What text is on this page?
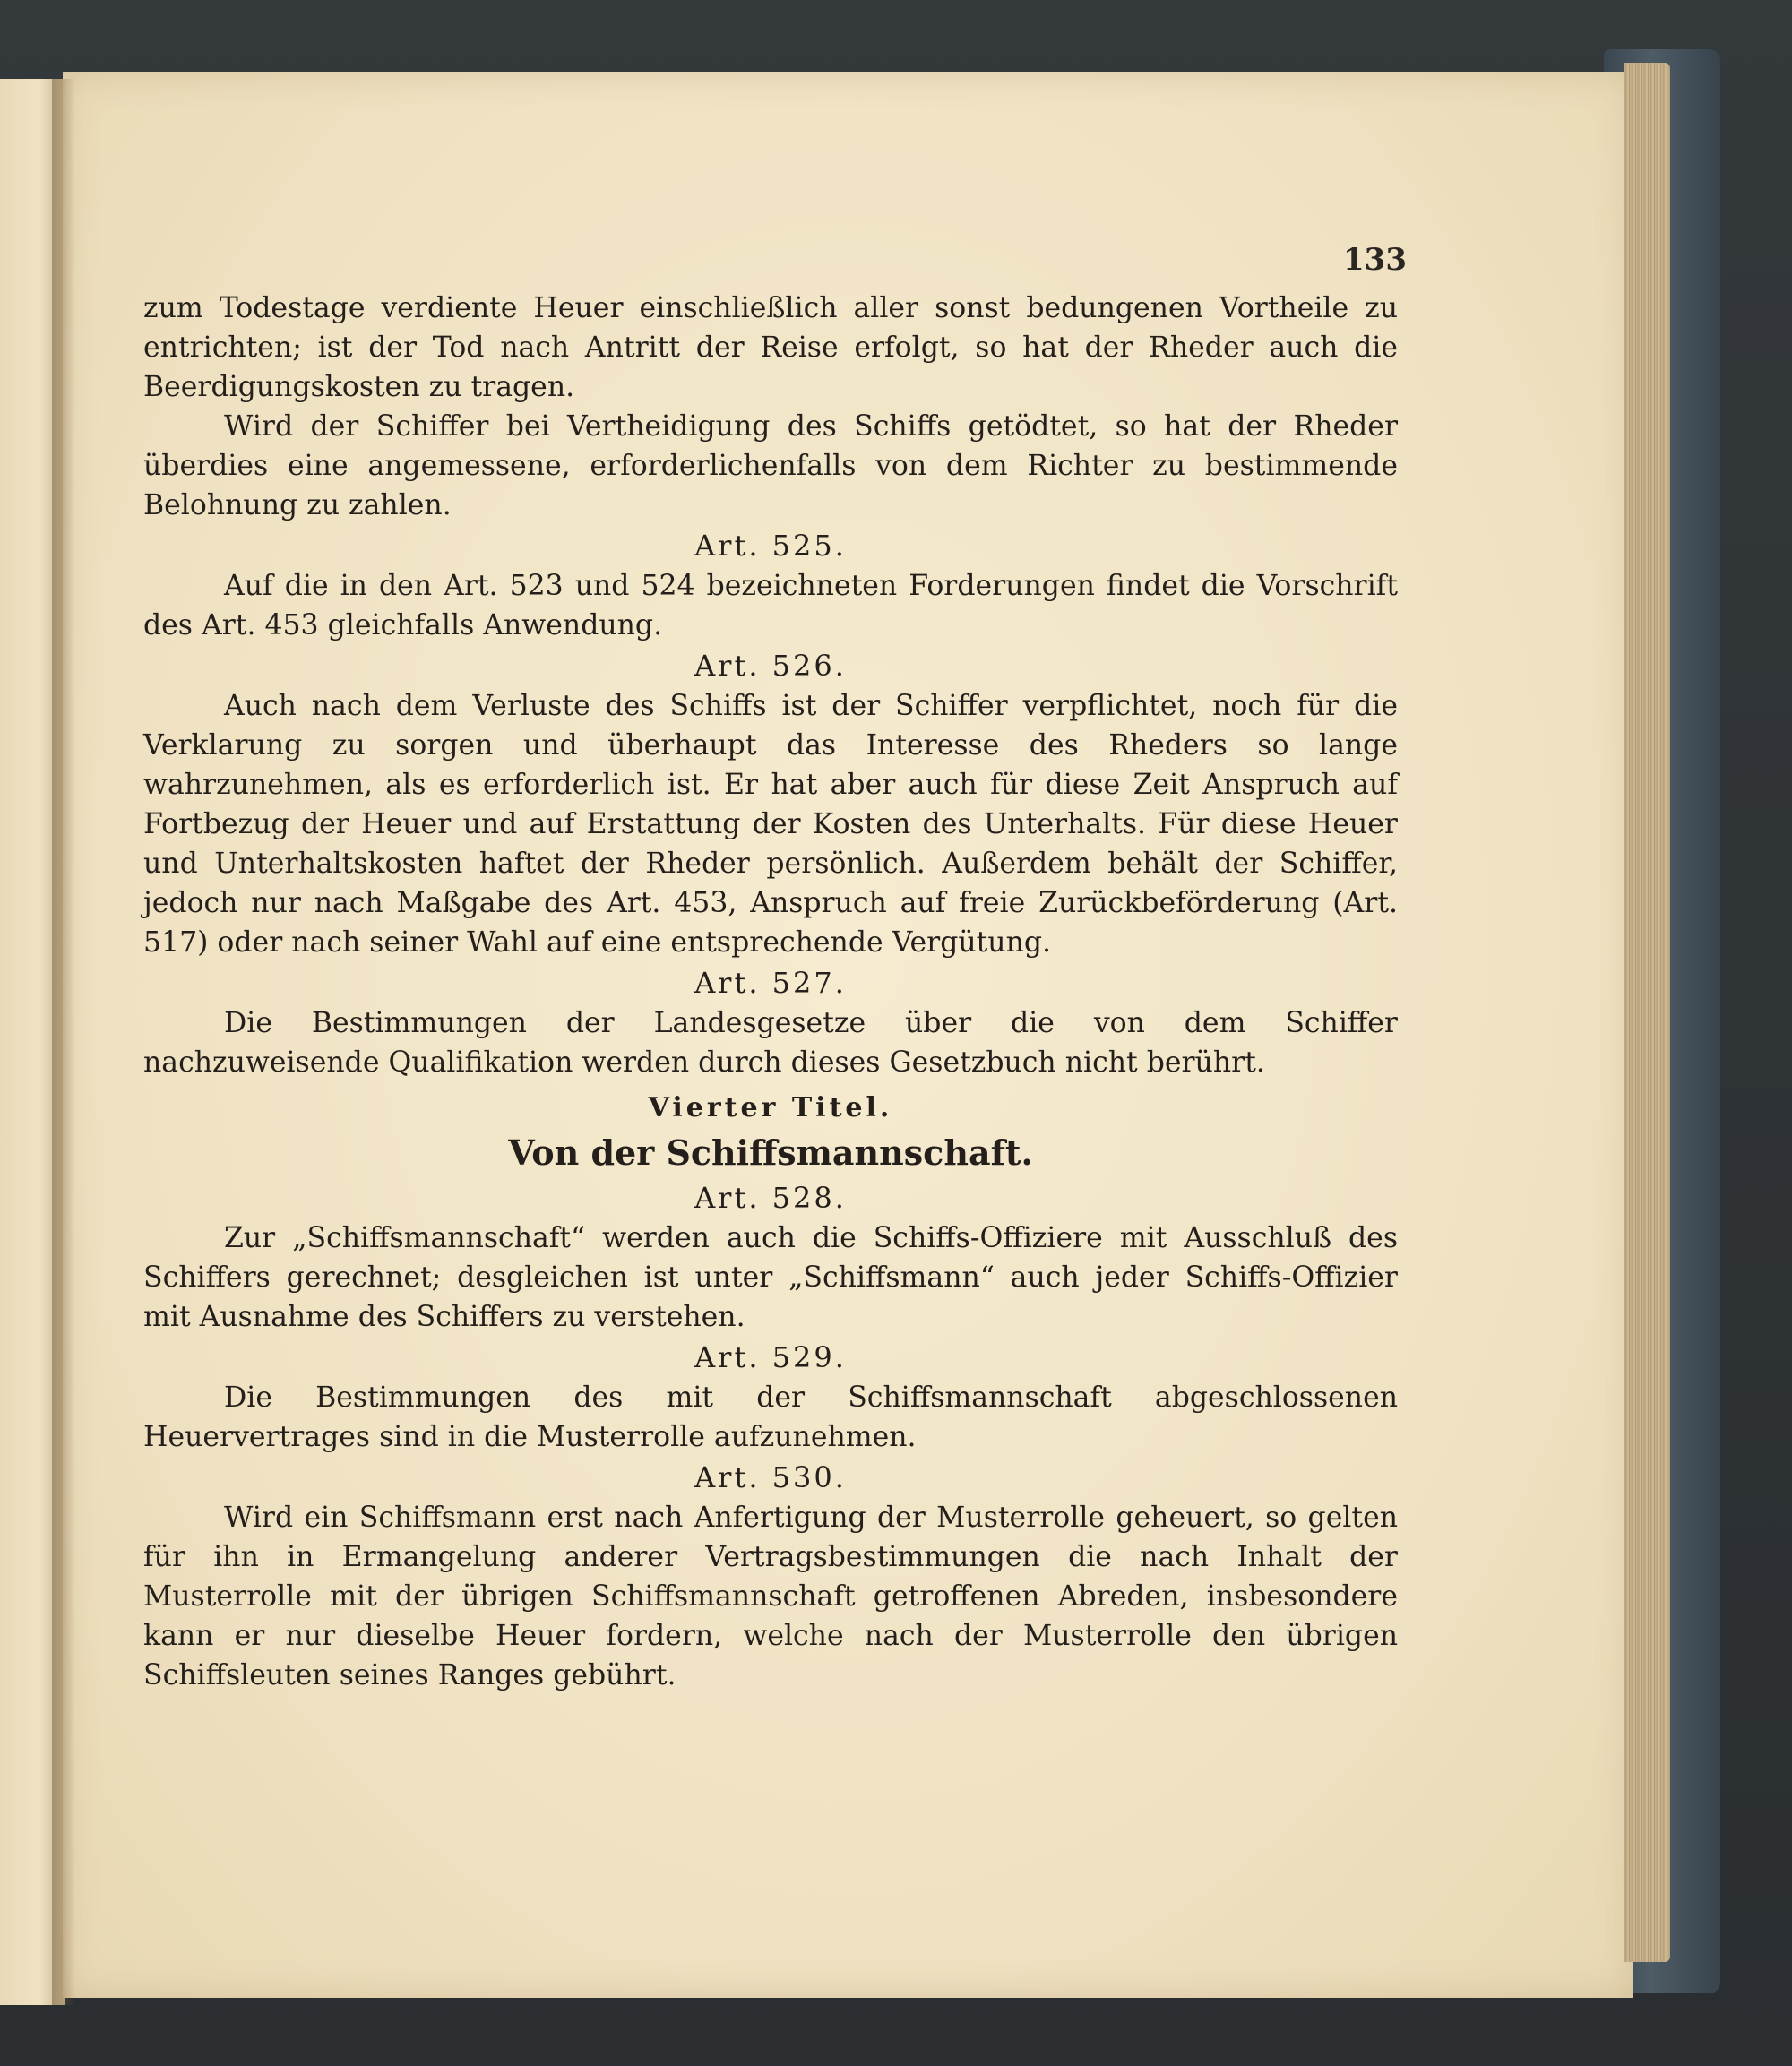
133

zum Todestage verdiente Heuer einschließlich aller sonst bedungenen Vortheile zu entrichten; ist der Tod nach Antritt der Reise erfolgt, so hat der Rheder auch die Beerdigungskosten zu tragen.

Wird der Schiffer bei Vertheidigung des Schiffs getödtet, so hat der Rheder überdies eine angemessene, erforderlichenfalls von dem Richter zu bestimmende Belohnung zu zahlen.

Art. 525.

Auf die in den Art. 523 und 524 bezeichneten Forderungen findet die Vorschrift des Art. 453 gleichfalls Anwendung.

Art. 526.

Auch nach dem Verluste des Schiffs ist der Schiffer verpflichtet, noch für die Verklarung zu sorgen und überhaupt das Interesse des Rheders so lange wahrzunehmen, als es erforderlich ist. Er hat aber auch für diese Zeit Anspruch auf Fortbezug der Heuer und auf Erstattung der Kosten des Unterhalts. Für diese Heuer und Unterhaltskosten haftet der Rheder persönlich. Außerdem behält der Schiffer, jedoch nur nach Maßgabe des Art. 453, Anspruch auf freie Zurückbeförderung (Art. 517) oder nach seiner Wahl auf eine entsprechende Vergütung.

Art. 527.

Die Bestimmungen der Landesgesetze über die von dem Schiffer nachzuweisende Qualifikation werden durch dieses Gesetzbuch nicht berührt.

Vierter Titel.

Von der Schiffsmannschaft.

Art. 528.

Zur „Schiffsmannschaft“ werden auch die Schiffs-Offiziere mit Ausschluß des Schiffers gerechnet; desgleichen ist unter „Schiffsmann“ auch jeder Schiffs-Offizier mit Ausnahme des Schiffers zu verstehen.

Art. 529.

Die Bestimmungen des mit der Schiffsmannschaft abgeschlossenen Heuervertrages sind in die Musterrolle aufzunehmen.

Art. 530.

Wird ein Schiffsmann erst nach Anfertigung der Musterrolle geheuert, so gelten für ihn in Ermangelung anderer Vertragsbestimmungen die nach Inhalt der Musterrolle mit der übrigen Schiffsmannschaft getroffenen Abreden, insbesondere kann er nur dieselbe Heuer fordern, welche nach der Musterrolle den übrigen Schiffsleuten seines Ranges gebührt.
